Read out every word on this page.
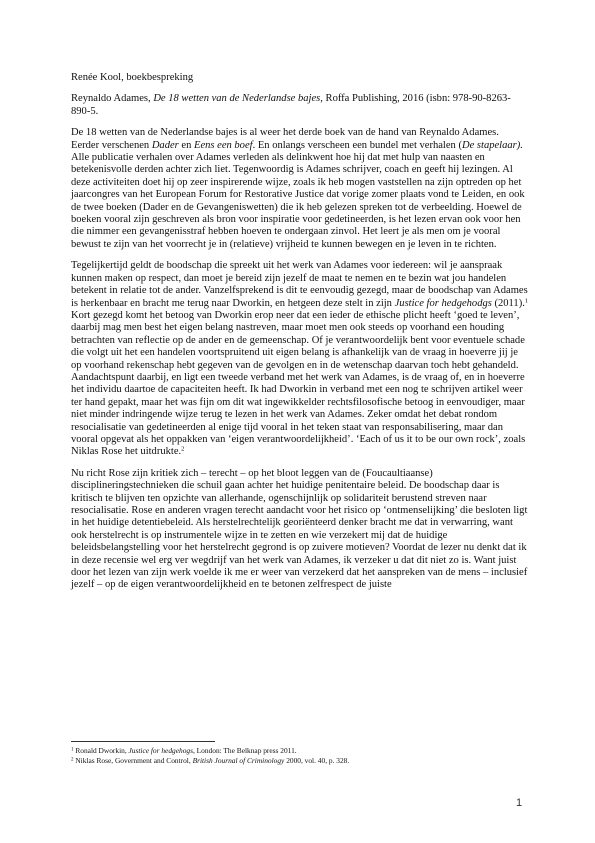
Renée Kool, boekbespreking

Reynaldo Adames, De 18 wetten van de Nederlandse bajes, Roffa Publishing, 2016 (isbn: 978-90-8263-890-5.

De 18 wetten van de Nederlandse bajes is al weer het derde boek van de hand van Reynaldo Adames. Eerder verschenen Dader en Eens een boef. En onlangs verscheen een bundel met verhalen (De stapelaar). Alle publicatie verhalen over Adames verleden als delinkwent hoe hij dat met hulp van naasten en betekenisvolle derden achter zich liet. Tegenwoordig is Adames schrijver, coach en geeft hij lezingen. Al deze activiteiten doet hij op zeer inspirerende wijze, zoals ik heb mogen vaststellen na zijn optreden op het jaarcongres van het European Forum for Restorative Justice dat vorige zomer plaats vond te Leiden, en ook de twee boeken (Dader en de Gevangeniswetten) die ik heb gelezen spreken tot de verbeelding. Hoewel de boeken vooral zijn geschreven als bron voor inspiratie voor gedetineerden, is het lezen ervan ook voor hen die nimmer een gevangenisstraf hebben hoeven te ondergaan zinvol. Het leert je als men om je vooral bewust te zijn van het voorrecht je in (relatieve) vrijheid te kunnen bewegen en je leven in te richten.

Tegelijkertijd geldt de boodschap die spreekt uit het werk van Adames voor iedereen: wil je aanspraak kunnen maken op respect, dan moet je bereid zijn jezelf de maat te nemen en te bezin wat jou handelen betekent in relatie tot de ander. Vanzelfsprekend is dit te eenvoudig gezegd, maar de boodschap van Adames is herkenbaar en bracht me terug naar Dworkin, en hetgeen deze stelt in zijn Justice for hedgehodgs (2011).$^1$ Kort gezegd komt het betoog van Dworkin erop neer dat een ieder de ethische plicht heeft ‘goed te leven’, daarbij mag men best het eigen belang nastreven, maar moet men ook steeds op voorhand een houding betrachten van reflectie op de ander en de gemeenschap. Of je verantwoordelijk bent voor eventuele schade die volgt uit het een handelen voortspruitend uit eigen belang is afhankelijk van de vraag in hoeverre jij je op voorhand rekenschap hebt gegeven van de gevolgen en in de wetenschap daarvan toch hebt gehandeld. Aandachtspunt daarbij, en ligt een tweede verband met het werk van Adames, is de vraag of, en in hoeverre het individu daartoe de capaciteiten heeft. Ik had Dworkin in verband met een nog te schrijven artikel weer ter hand gepakt, maar het was fijn om dit wat ingewikkelder rechtsfilosofische betoog in eenvoudiger, maar niet minder indringende wijze terug te lezen in het werk van Adames. Zeker omdat het debat rondom resocialisatie van gedetineerden al enige tijd vooral in het teken staat van responsabilisering, maar dan vooral opgevat als het oppakken van ‘eigen verantwoordelijkheid’. ‘Each of us it to be our own rock’, zoals Niklas Rose het uitdrukte.$^2$

Nu richt Rose zijn kritiek zich – terecht – op het bloot leggen van de (Foucaultiaanse) disciplineringstechnieken die schuil gaan achter het huidige penitentaire beleid. De boodschap daar is kritisch te blijven ten opzichte van allerhande, ogenschijnlijk op solidariteit berustend streven naar resocialisatie. Rose en anderen vragen terecht aandacht voor het risico op ‘ontmenselijking’ die besloten ligt in het huidige detentiebeleid. Als herstelrechtelijk georiënteerd denker bracht me dat in verwarring, want ook herstelrecht is op instrumentele wijze in te zetten en wie verzekert mij dat de huidige beleidsbelangstelling voor het herstelrecht gegrond is op zuivere motieven? Voordat de lezer nu denkt dat ik in deze recensie wel erg ver wegdrijf van het werk van Adames, ik verzeker u dat dit niet zo is. Want juist door het lezen van zijn werk voelde ik me er weer van verzekerd dat het aanspreken van de mens – inclusief jezelf – op de eigen verantwoordelijkheid en te betonen zelfrespect de juiste

$^1$ Ronald Dworkin, Justice for hedgehogs, London: The Belknap press 2011.

$^2$ Niklas Rose, Government and Control, British Journal of Criminology 2000, vol. 40, p. 328.

1
